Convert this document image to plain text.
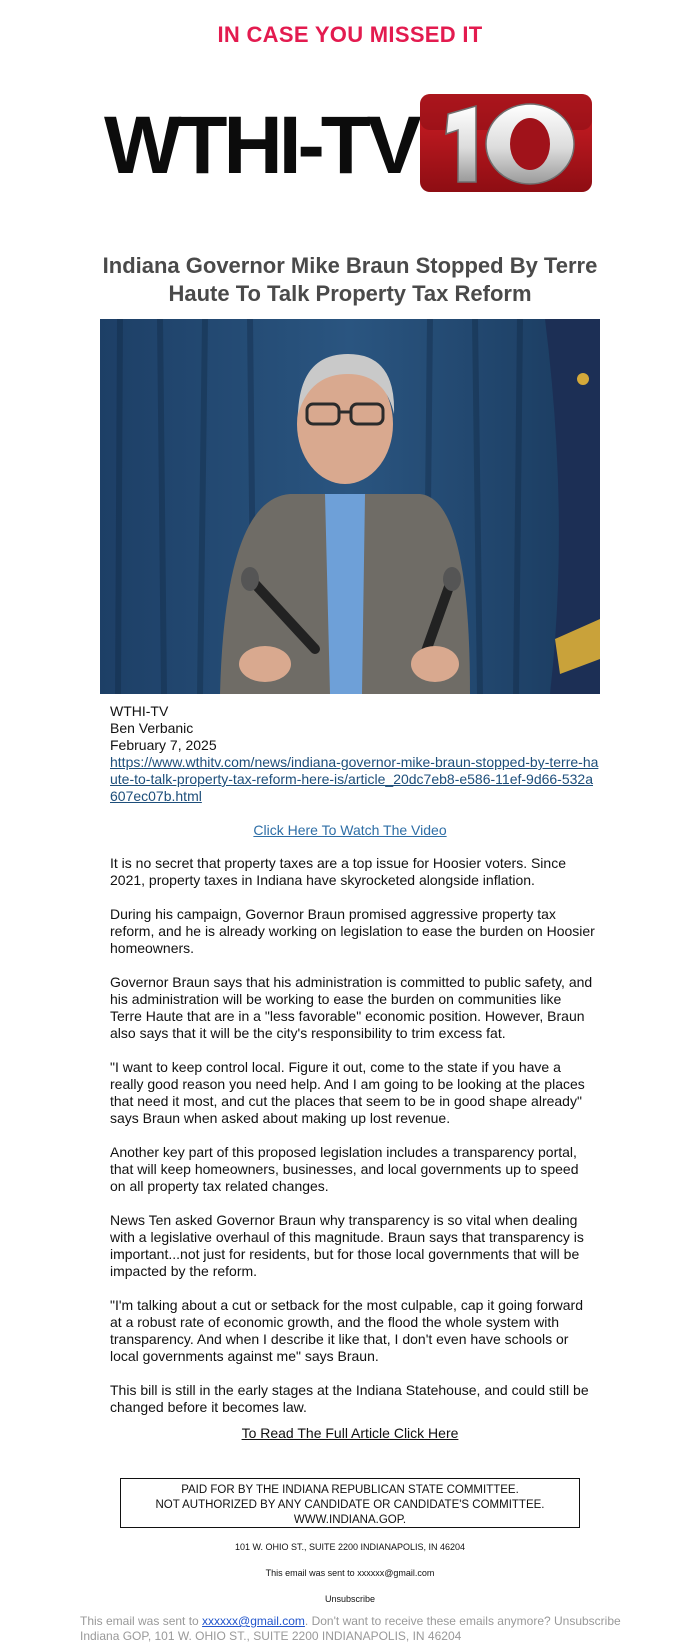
IN CASE YOU MISSED IT
WTHI-TV
Indiana Governor Mike Braun Stopped By Terre Haute To Talk Property Tax Reform
WTHI-TV
Ben Verbanic
February 7, 2025
https://www.wthitv.com/news/indiana-governor-mike-braun-stopped-by-terre-haute-to-talk-property-tax-reform-here-is/article_20dc7eb8-e586-11ef-9d66-532a607ec07b.html
Click Here To Watch The Video

It is no secret that property taxes are a top issue for Hoosier voters. Since 2021, property taxes in Indiana have skyrocketed alongside inflation.

During his campaign, Governor Braun promised aggressive property tax reform, and he is already working on legislation to ease the burden on Hoosier homeowners.

Governor Braun says that his administration is committed to public safety, and his administration will be working to ease the burden on communities like Terre Haute that are in a "less favorable" economic position. However, Braun also says that it will be the city's responsibility to trim excess fat.

"I want to keep control local. Figure it out, come to the state if you have a really good reason you need help. And I am going to be looking at the places that need it most, and cut the places that seem to be in good shape already" says Braun when asked about making up lost revenue.

Another key part of this proposed legislation includes a transparency portal, that will keep homeowners, businesses, and local governments up to speed on all property tax related changes.

News Ten asked Governor Braun why transparency is so vital when dealing with a legislative overhaul of this magnitude. Braun says that transparency is important...not just for residents, but for those local governments that will be impacted by the reform.

"I'm talking about a cut or setback for the most culpable, cap it going forward at a robust rate of economic growth, and the flood the whole system with transparency. And when I describe it like that, I don't even have schools or local governments against me" says Braun.

This bill is still in the early stages at the Indiana Statehouse, and could still be changed before it becomes law.

To Read The Full Article Click Here
PAID FOR BY THE INDIANA REPUBLICAN STATE COMMITTEE.
NOT AUTHORIZED BY ANY CANDIDATE OR CANDIDATE'S COMMITTEE.
WWW.INDIANA.GOP.
101 W. OHIO ST., SUITE 2200 INDIANAPOLIS, IN 46204
This email was sent to xxxxxx@gmail.com
Unsubscribe
This email was sent to xxxxxx@gmail.com. Don't want to receive these emails anymore? Unsubscribe
Indiana GOP, 101 W. OHIO ST., SUITE 2200 INDIANAPOLIS, IN 46204
